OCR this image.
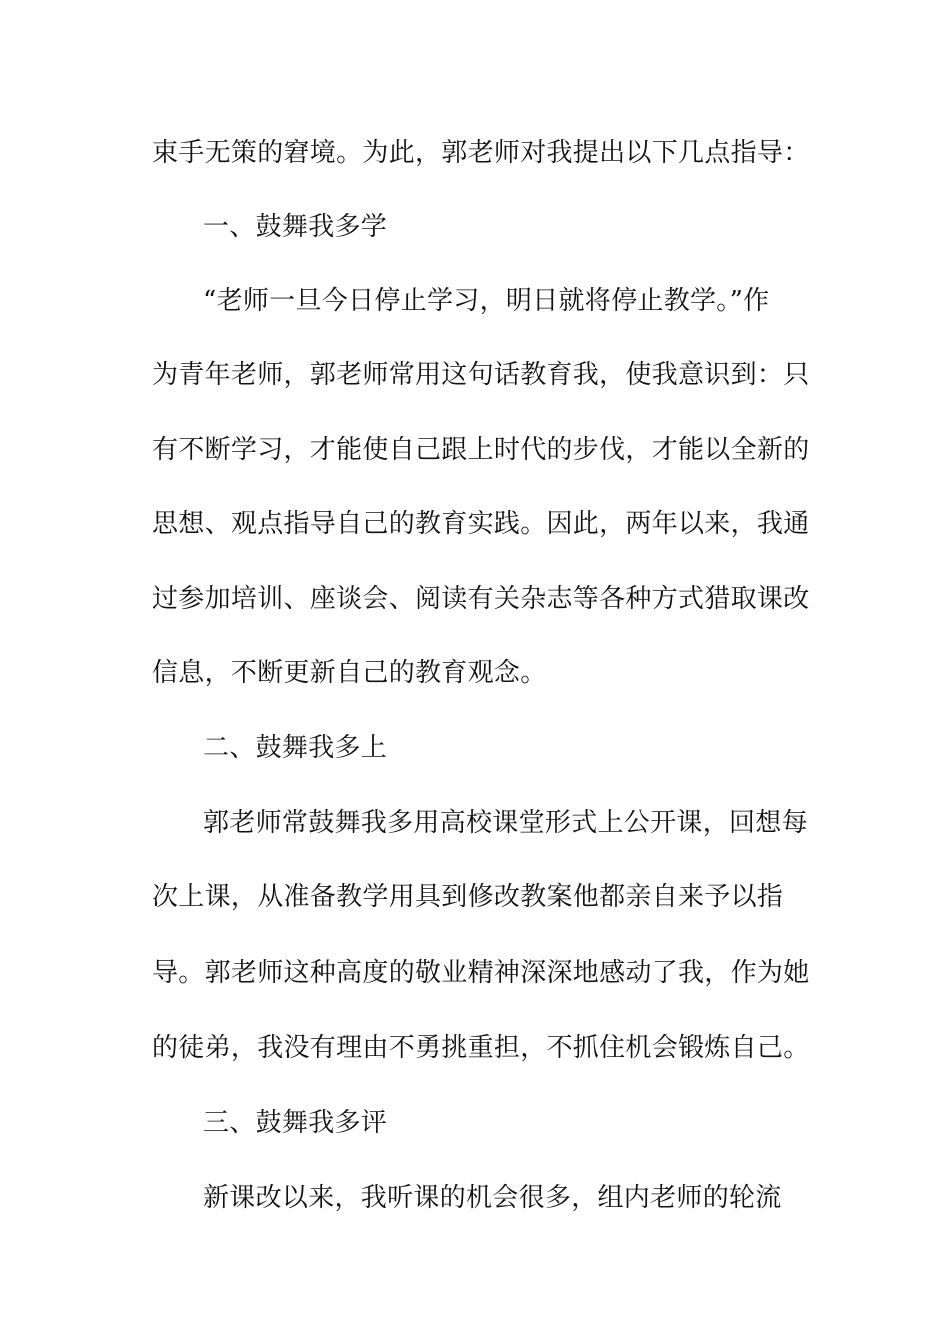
束手无策的窘境。为此，郭老师对我提出以下几点指导：
一、鼓舞我多学
“老师一旦今日停止学习，明日就将停止教学。”作
为青年老师，郭老师常用这句话教育我，使我意识到：只
有不断学习，才能使自己跟上时代的步伐，才能以全新的
思想、观点指导自己的教育实践。因此，两年以来，我通
过参加培训、座谈会、阅读有关杂志等各种方式猎取课改
信息，不断更新自己的教育观念。
二、鼓舞我多上
郭老师常鼓舞我多用高校课堂形式上公开课，回想每
次上课，从准备教学用具到修改教案他都亲自来予以指
导。郭老师这种高度的敬业精神深深地感动了我，作为她
的徒弟，我没有理由不勇挑重担，不抓住机会锻炼自己。
三、鼓舞我多评
新课改以来，我听课的机会很多，组内老师的轮流
